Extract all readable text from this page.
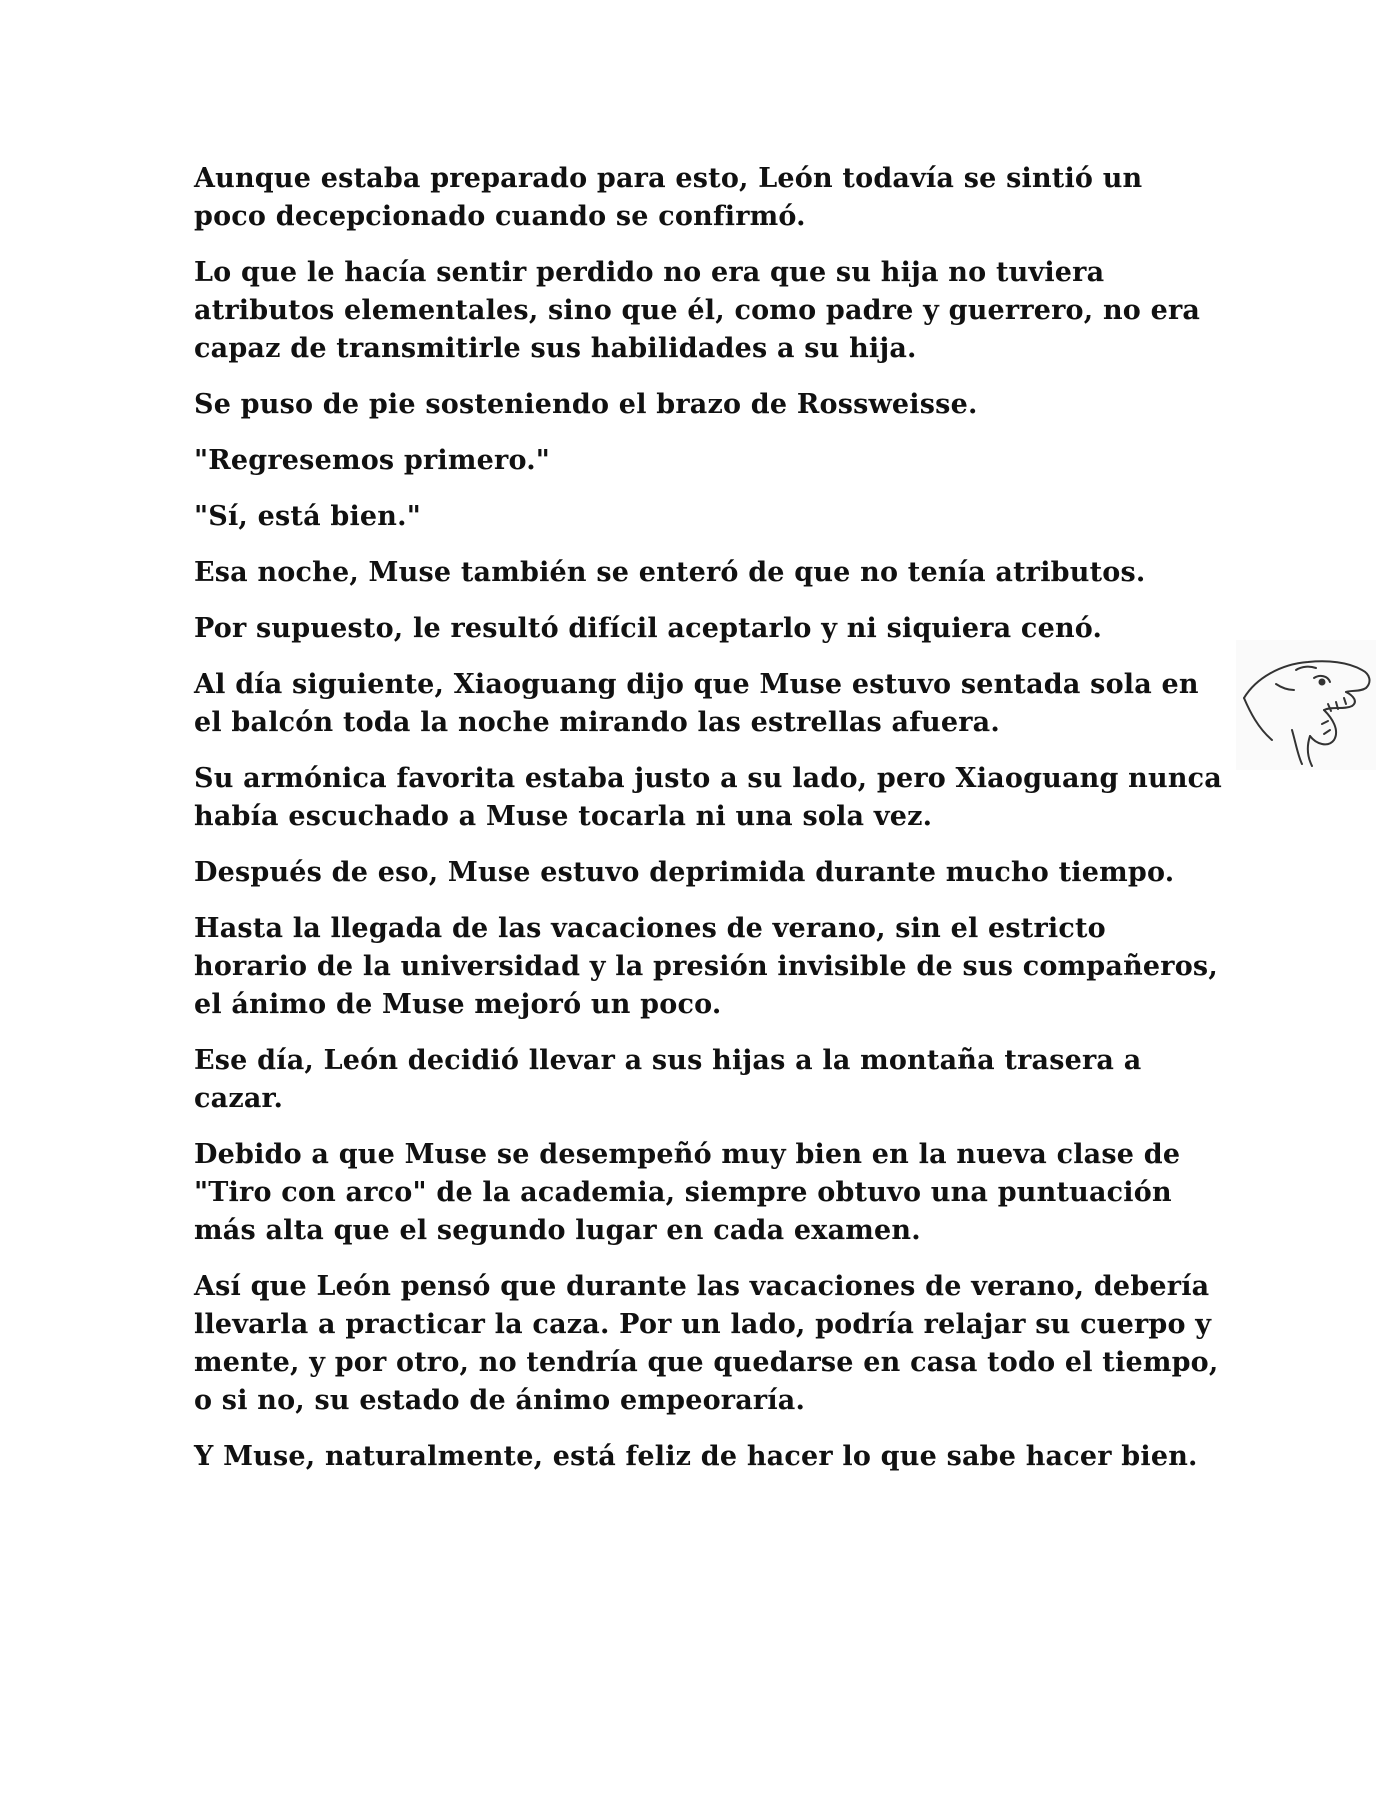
Aunque estaba preparado para esto, León todavía se sintió un poco decepcionado cuando se confirmó.

Lo que le hacía sentir perdido no era que su hija no tuviera atributos elementales, sino que él, como padre y guerrero, no era capaz de transmitirle sus habilidades a su hija.

Se puso de pie sosteniendo el brazo de Rossweisse.

"Regresemos primero."

"Sí, está bien."

Esa noche, Muse también se enteró de que no tenía atributos.

Por supuesto, le resultó difícil aceptarlo y ni siquiera cenó.

Al día siguiente, Xiaoguang dijo que Muse estuvo sentada sola en el balcón toda la noche mirando las estrellas afuera.

Su armónica favorita estaba justo a su lado, pero Xiaoguang nunca había escuchado a Muse tocarla ni una sola vez.

Después de eso, Muse estuvo deprimida durante mucho tiempo.

Hasta la llegada de las vacaciones de verano, sin el estricto horario de la universidad y la presión invisible de sus compañeros, el ánimo de Muse mejoró un poco.

Ese día, León decidió llevar a sus hijas a la montaña trasera a cazar.

Debido a que Muse se desempeñó muy bien en la nueva clase de "Tiro con arco" de la academia, siempre obtuvo una puntuación más alta que el segundo lugar en cada examen.

Así que León pensó que durante las vacaciones de verano, debería llevarla a practicar la caza. Por un lado, podría relajar su cuerpo y mente, y por otro, no tendría que quedarse en casa todo el tiempo, o si no, su estado de ánimo empeoraría.

Y Muse, naturalmente, está feliz de hacer lo que sabe hacer bien.
